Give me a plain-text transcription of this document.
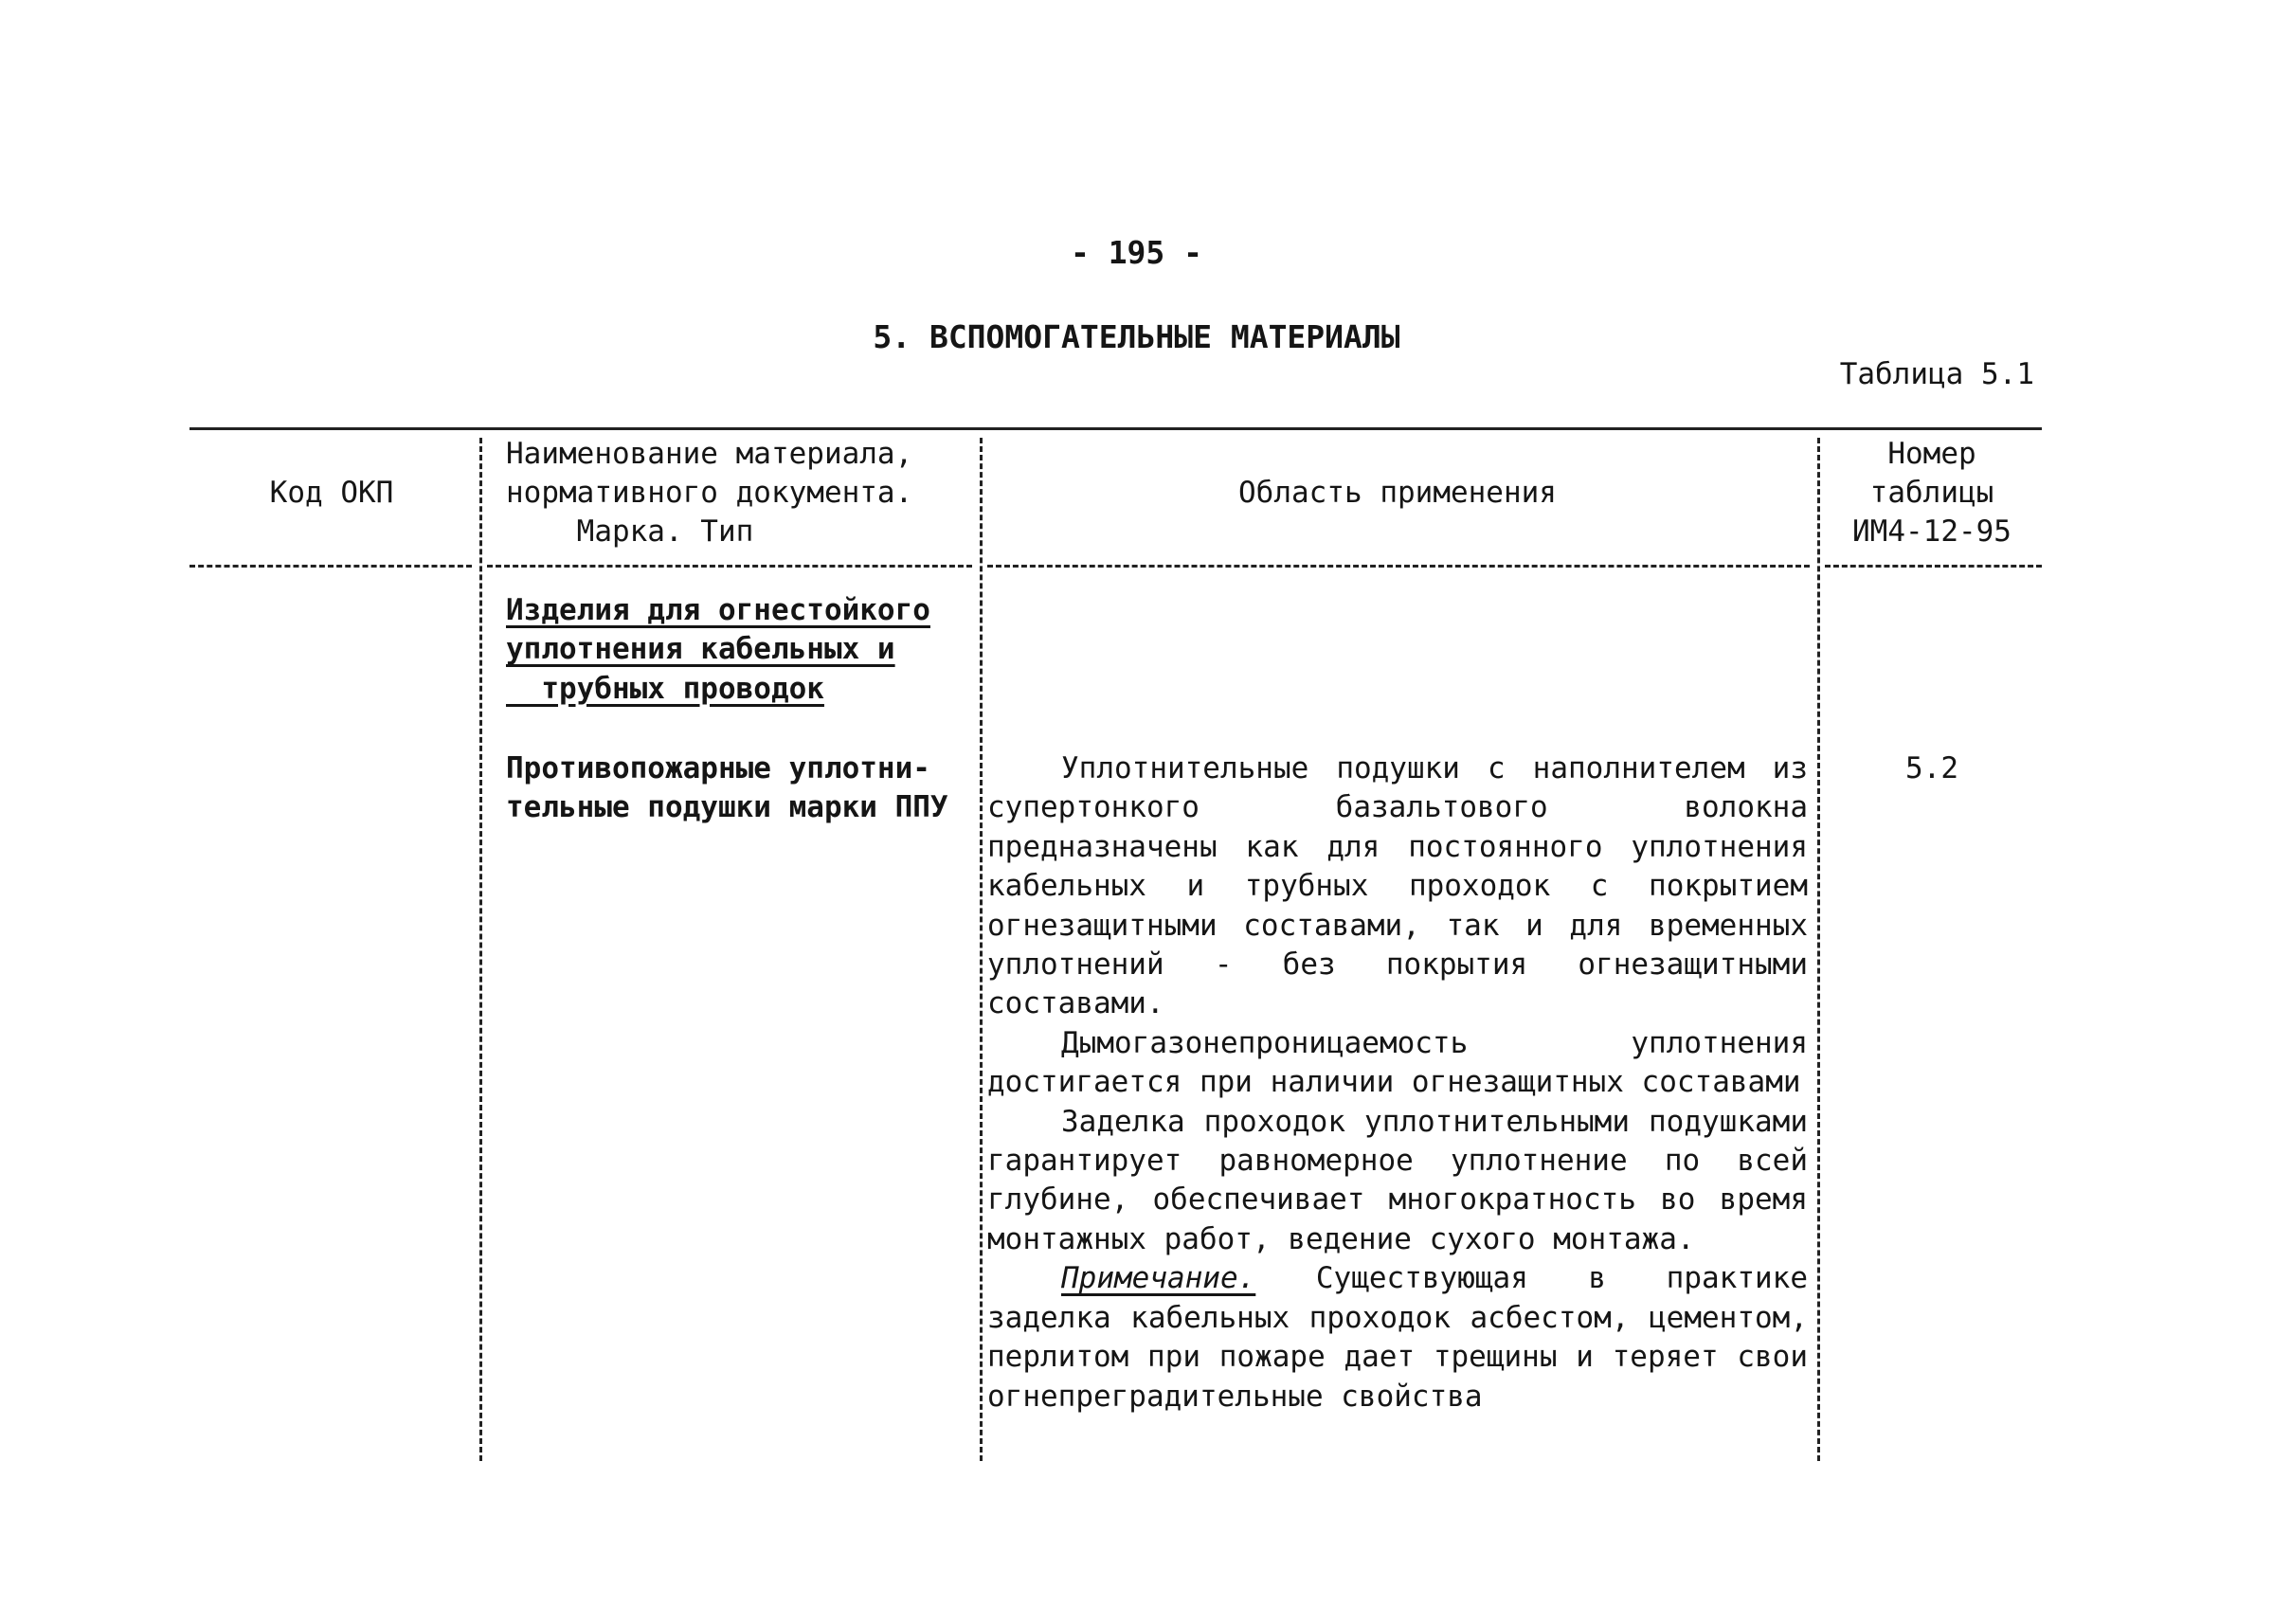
- 195 -
5. ВСПОМОГАТЕЛЬНЫЕ МАТЕРИАЛЫ
Таблица 5.1
Код ОКП
Наименование материала,
нормативного документа.
Марка. Тип
Область применения
Номер
таблицы
ИМ4-12-95
Изделия для огнестойкого
уплотнения кабельных и
трубных проводок
Противопожарные уплотни-
тельные подушки марки ППУ
Уплотнительные подушки с наполнителем из супертонкого базальтового волокна предназначены как для постоянного уплотнения кабельных и трубных проходок с покрытием огнезащитными составами, так и для временных уплотнений - без покрытия огнезащитными составами.
Дымогазонепроницаемость уплотнения достигается при наличии огнезащитных составами
Заделка проходок уплотнительными подушками гарантирует равномерное уплотнение по всей глубине, обеспечивает многократность во время монтажных работ, ведение сухого монтажа.
Примечание. Существующая в практике заделка кабельных проходок асбестом, цементом, перлитом при пожаре дает трещины и теряет свои огнепреградительные свойства
5.2
